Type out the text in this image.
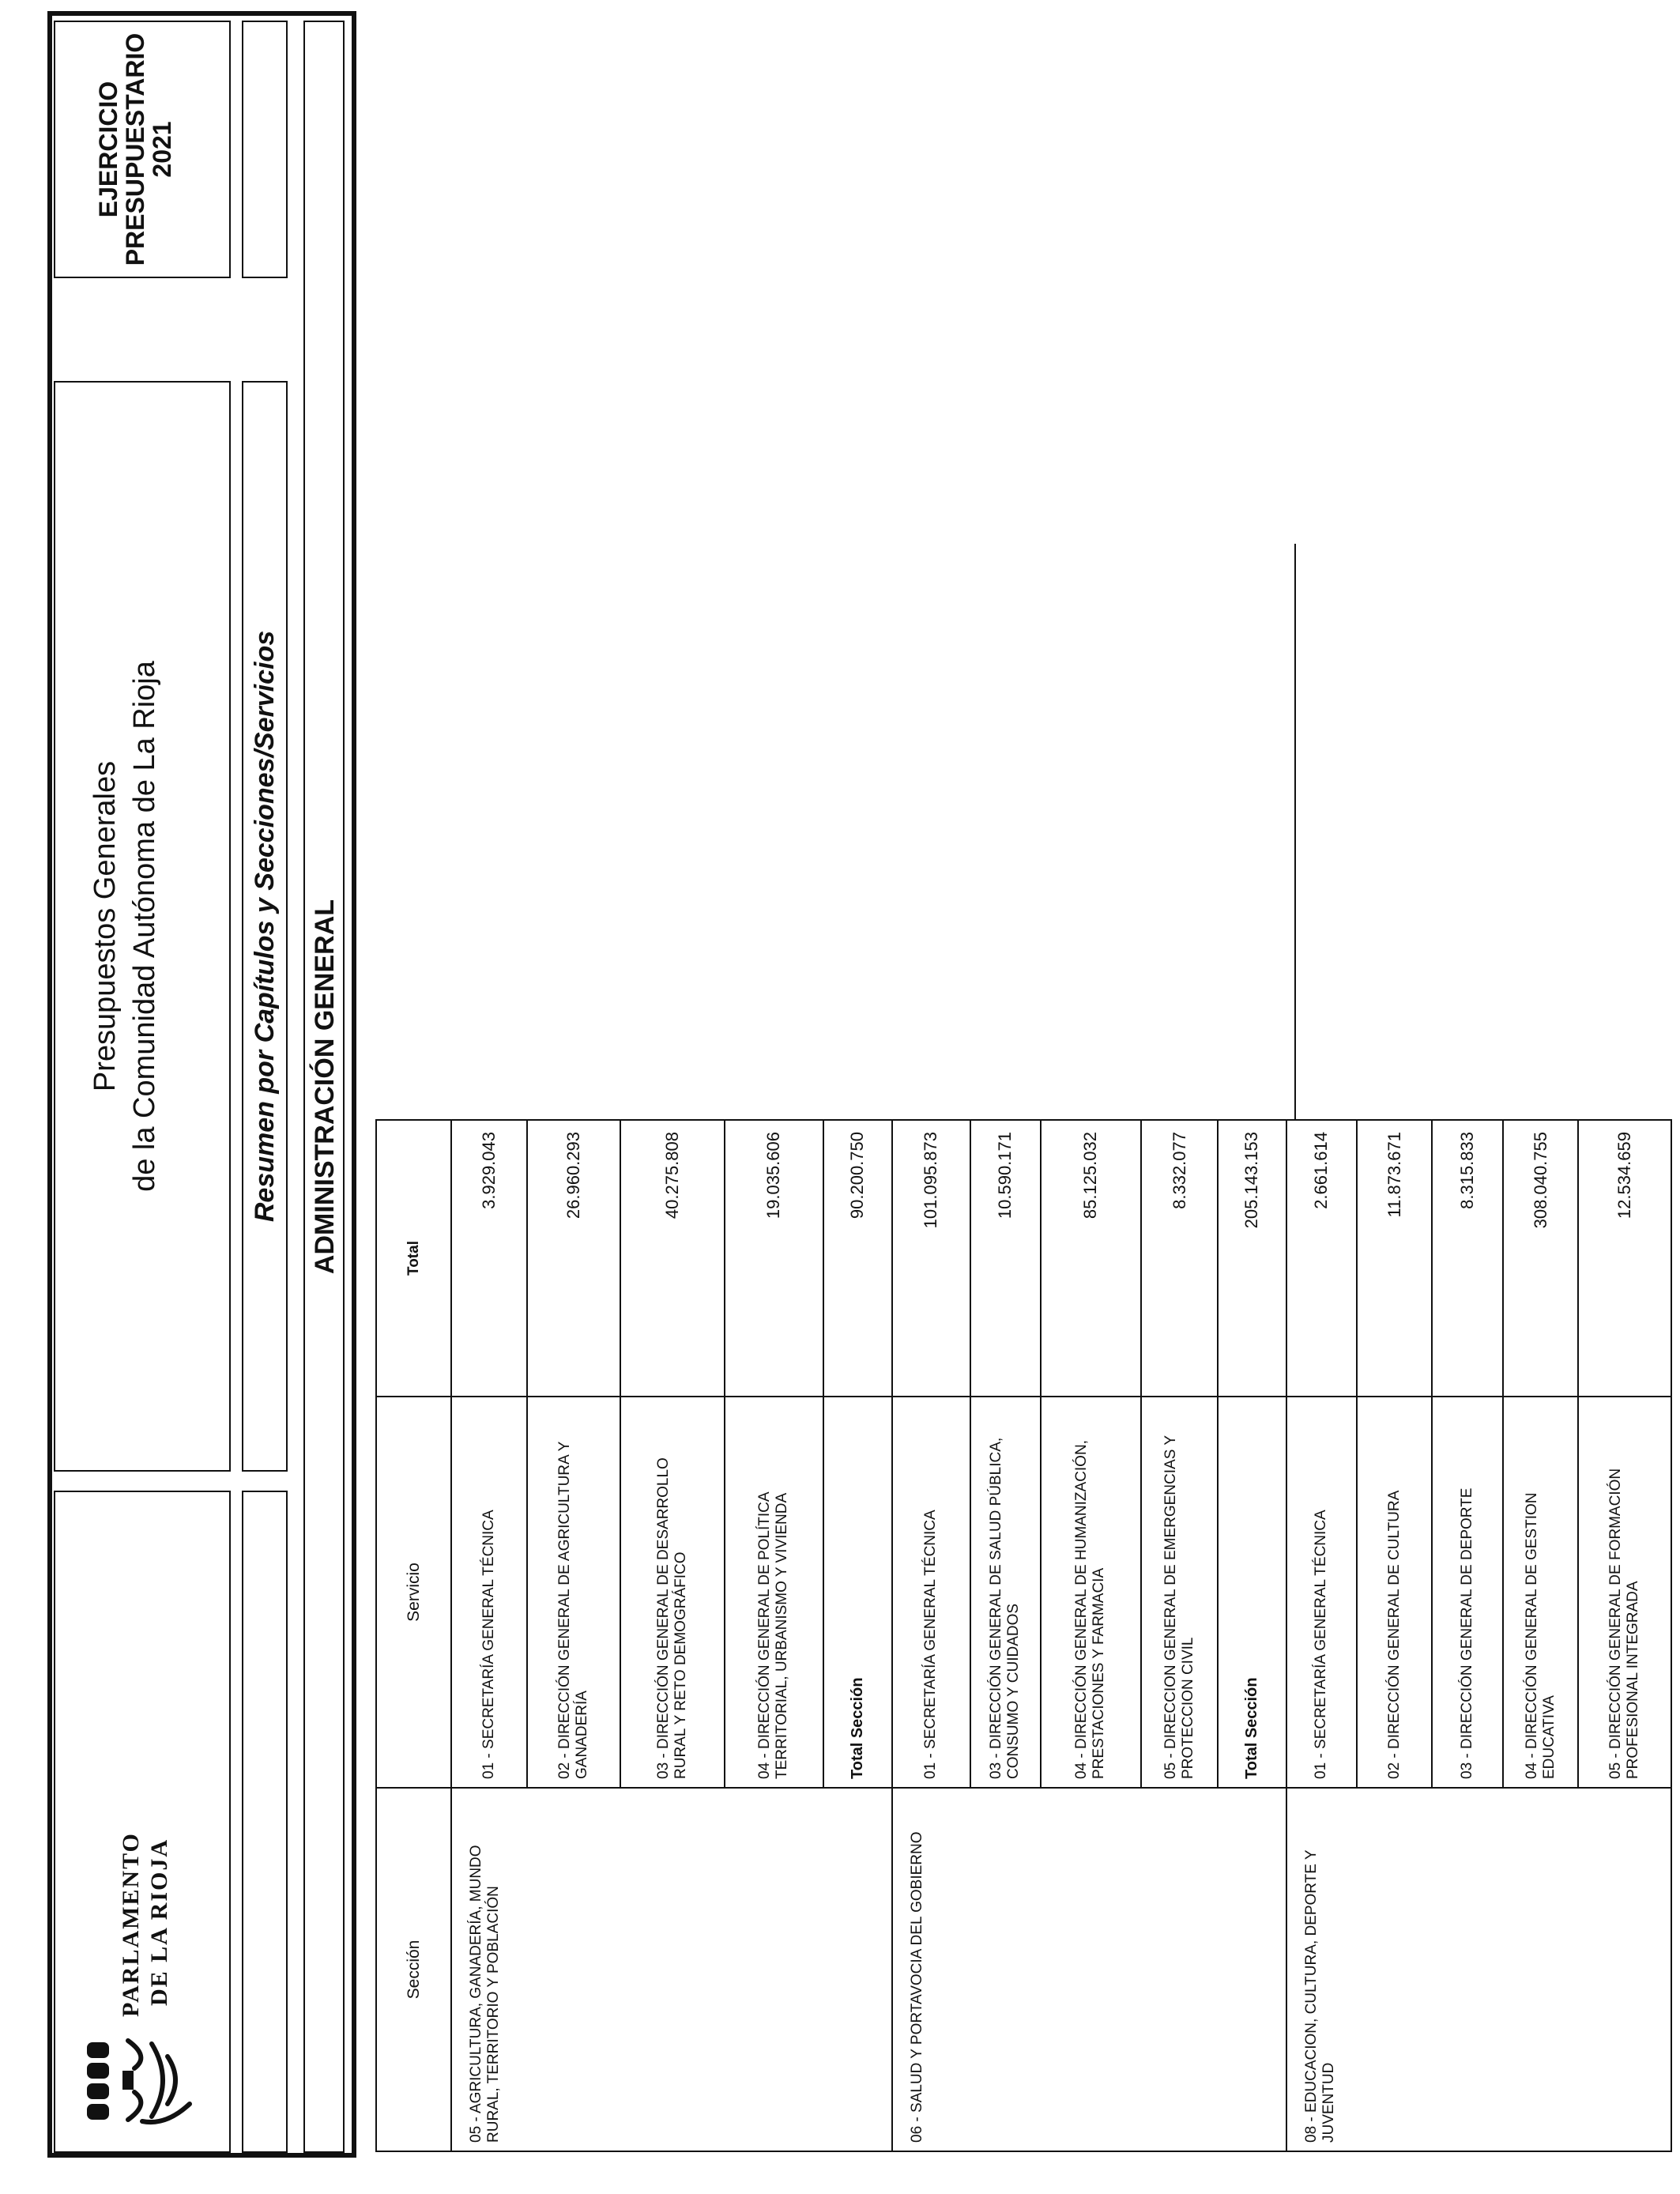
PARLAMENTO DE LA RIOJA
Presupuestos Generales de la Comunidad Autónoma de La Rioja
EJERCICIO
PRESUPUESTARIO
2021
Resumen por Capítulos y Secciones/Servicios ADMINISTRACIÓN GENERAL
Sección	Servicio	Total
05 - AGRICULTURA, GANADERÍA, MUNDO RURAL, TERRITORIO Y POBLACIÓN	01 - SECRETARÍA GENERAL TÉCNICA	3.929.043
	02 - DIRECCIÓN GENERAL DE AGRICULTURA Y GANADERÍA	26.960.293
	03 - DIRECCIÓN GENERAL DE DESARROLLO RURAL Y RETO DEMOGRÁFICO	40.275.808
	04 - DIRECCIÓN GENERAL DE POLÍTICA TERRITORIAL, URBANISMO Y VIVIENDA	19.035.606
	Total Sección	90.200.750
06 - SALUD Y PORTAVOCIA DEL GOBIERNO	01 - SECRETARÍA GENERAL TÉCNICA	101.095.873
	03 - DIRECCIÓN GENERAL DE SALUD PÚBLICA, CONSUMO Y CUIDADOS	10.590.171
	04 - DIRECCIÓN GENERAL DE HUMANIZACIÓN, PRESTACIONES Y FARMACIA	85.125.032
	05 - DIRECCION GENERAL DE EMERGENCIAS Y PROTECCION CIVIL	8.332.077
	Total Sección	205.143.153
08 - EDUCACION, CULTURA, DEPORTE Y JUVENTUD	01 - SECRETARÍA GENERAL TÉCNICA	2.661.614
	02 - DIRECCIÓN GENERAL DE CULTURA	11.873.671
	03 - DIRECCIÓN GENERAL DE DEPORTE	8.315.833
	04 - DIRECCIÓN GENERAL DE GESTION EDUCATIVA	308.040.755
	05 - DIRECCIÓN GENERAL DE FORMACIÓN PROFESIONAL INTEGRADA	12.534.659
